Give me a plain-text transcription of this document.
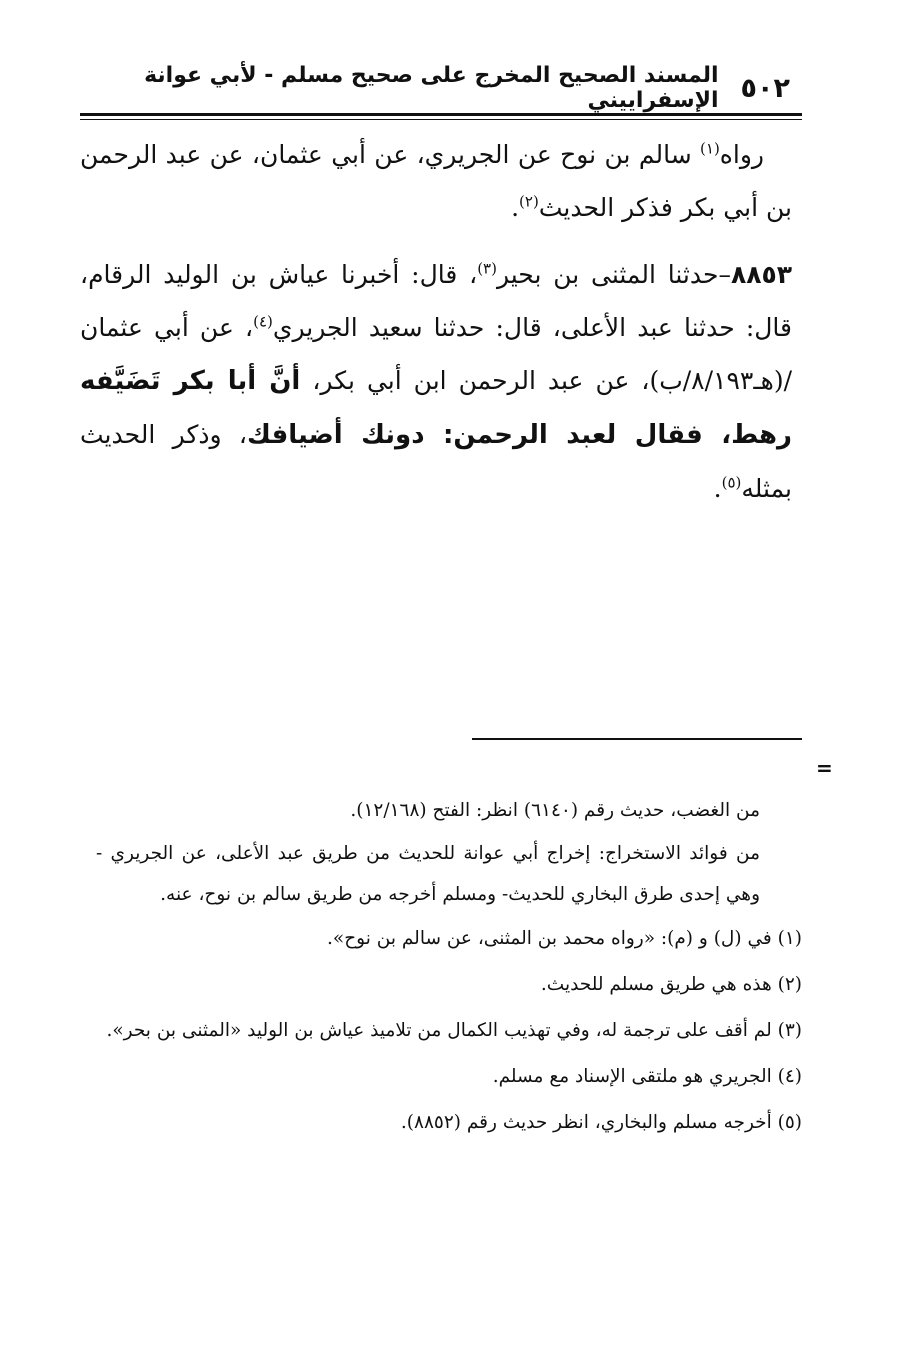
٥٠٢
المسند الصحيح المخرج على صحيح مسلم - لأبي عوانة الإسفراييني

رواه$^{(١)}$ سالم بن نوح عن الجريري، عن أبي عثمان، عن عبد الرحمن بن أبي بكر فذكر الحديث$^{(٢)}$.

٨٨٥٣–حدثنا المثنى بن بحير$^{(٣)}$، قال: أخبرنا عياش بن الوليد الرقام، قال: حدثنا عبد الأعلى، قال: حدثنا سعيد الجريري$^{(٤)}$، عن أبي عثمان /(هـ٨/١٩٣/ب)، عن عبد الرحمن ابن أبي بكر، أنَّ أبا بكر تَضَيَّفه رهط، فقال لعبد الرحمن: دونك أضيافك، وذكر الحديث بمثله$^{(٥)}$.

=

من الغضب، حديث رقم (٦١٤٠) انظر: الفتح (١٢/١٦٨).

من فوائد الاستخراج: إخراج أبي عوانة للحديث من طريق عبد الأعلى، عن الجريري - وهي إحدى طرق البخاري للحديث- ومسلم أخرجه من طريق سالم بن نوح، عنه.

(١) في (ل) و (م): «رواه محمد بن المثنى، عن سالم بن نوح».

(٢) هذه هي طريق مسلم للحديث.

(٣) لم أقف على ترجمة له، وفي تهذيب الكمال من تلاميذ عياش بن الوليد «المثنى بن بحر».

(٤) الجريري هو ملتقى الإسناد مع مسلم.

(٥) أخرجه مسلم والبخاري، انظر حديث رقم (٨٨٥٢).
